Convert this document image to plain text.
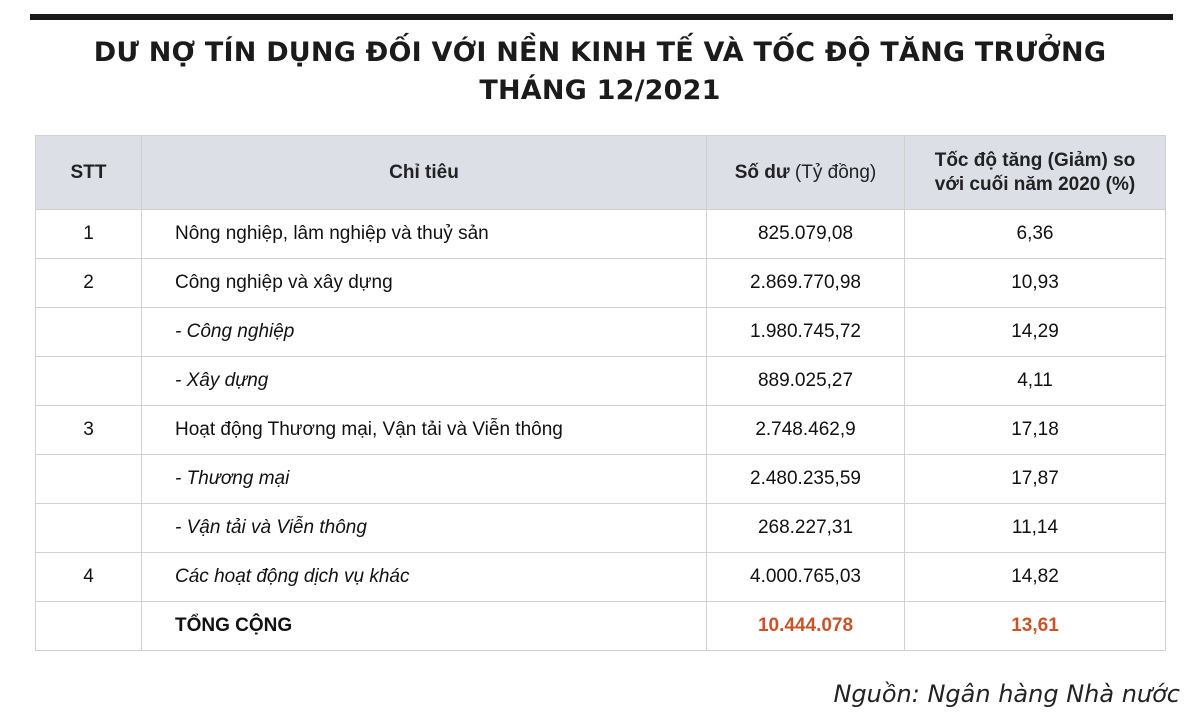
DƯ NỢ TÍN DỤNG ĐỐI VỚI NỀN KINH TẾ VÀ TỐC ĐỘ TĂNG TRƯỞNG
THÁNG 12/2021
STT	Chỉ tiêu	Số dư (Tỷ đồng)	Tốc độ tăng (Giảm) so
với cuối năm 2020 (%)

1	Nông nghiệp, lâm nghiệp và thuỷ sản	825.079,08	6,36
2	Công nghiệp và xây dựng	2.869.770,98	10,93
	- Công nghiệp	1.980.745,72	14,29
	- Xây dựng	889.025,27	4,11
3	Hoạt động Thương mại, Vận tải và Viễn thông	2.748.462,9	17,18
	- Thương mại	2.480.235,59	17,87
	- Vận tải và Viễn thông	268.227,31	11,14
4	Các hoạt động dịch vụ khác	4.000.765,03	14,82
	TỔNG CỘNG	10.444.078	13,61
Nguồn: Ngân hàng Nhà nước
